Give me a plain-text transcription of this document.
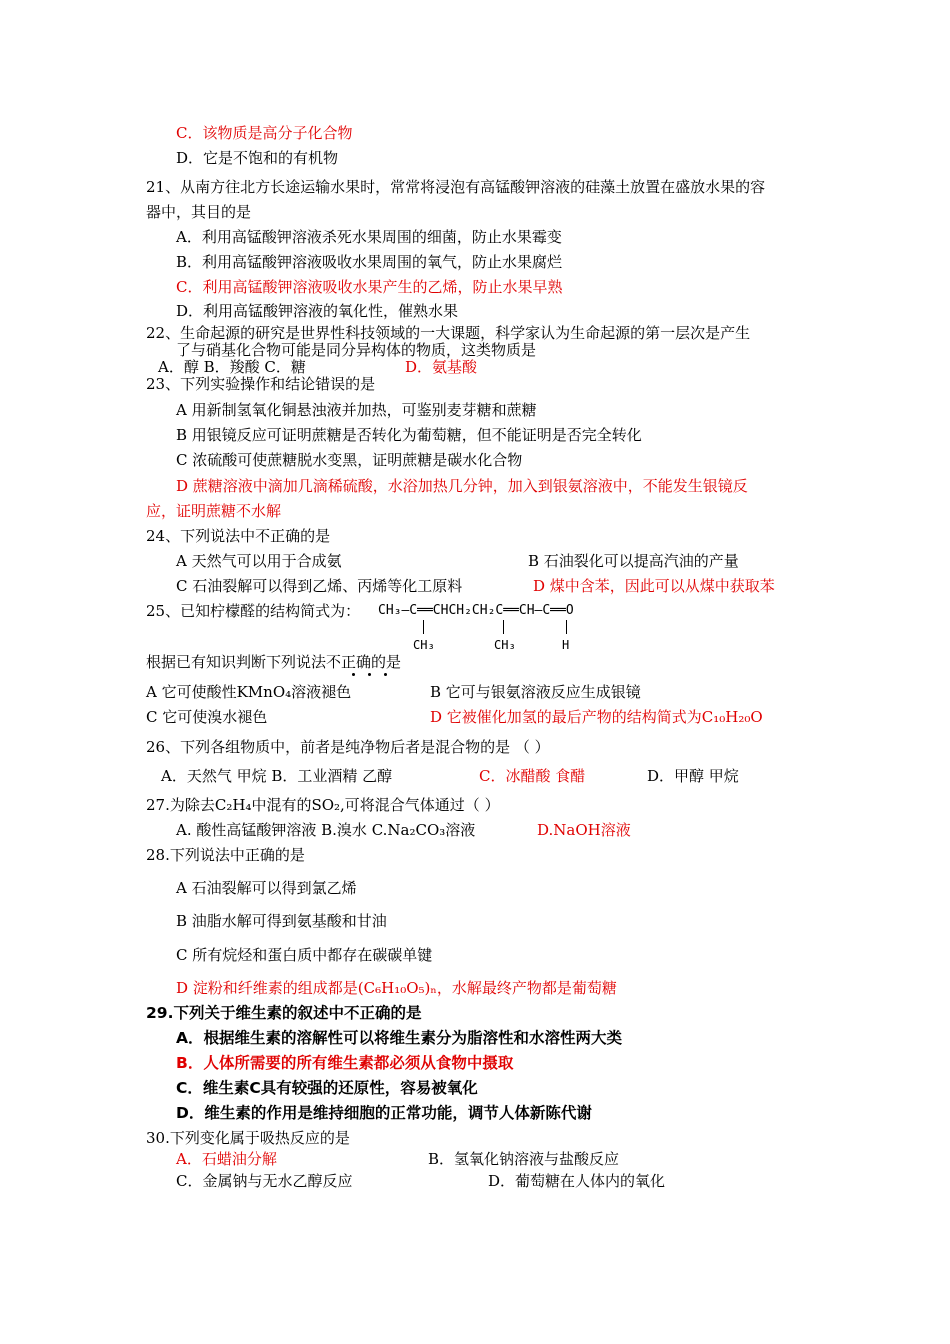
C．该物质是高分子化合物
D．它是不饱和的有机物
21、从南方往北方长途运输水果时，常常将浸泡有高锰酸钾溶液的硅藻土放置在盛放水果的容
器中，其目的是
A．利用高锰酸钾溶液杀死水果周围的细菌，防止水果霉变
B．利用高锰酸钾溶液吸收水果周围的氧气，防止水果腐烂
C．利用高锰酸钾溶液吸收水果产生的乙烯，防止水果早熟
D．利用高锰酸钾溶液的氧化性，催熟水果
22、生命起源的研究是世界性科技领域的一大课题，科学家认为生命起源的第一层次是产生
了与硝基化合物可能是同分异构体的物质，这类物质是
A．醇 B．羧酸 C．糖	D．氨基酸
23、下列实验操作和结论错误的是
A 用新制氢氧化铜悬浊液并加热，可鉴别麦芽糖和蔗糖
B 用银镜反应可证明蔗糖是否转化为葡萄糖，但不能证明是否完全转化
C 浓硫酸可使蔗糖脱水变黑，证明蔗糖是碳水化合物
D 蔗糖溶液中滴加几滴稀硫酸，水浴加热几分钟，加入到银氨溶液中，不能发生银镜反
应，证明蔗糖不水解
24、下列说法中不正确的是
A 天然气可以用于合成氨	B 石油裂化可以提高汽油的产量
C 石油裂解可以得到乙烯、丙烯等化工原料	D 煤中含苯，因此可以从煤中获取苯
25、已知柠檬醛的结构简式为： CH₃—C══CHCH₂CH₂C══CH—C══O
CH₃	CH₃	H
根据已有知识判断下列说法不正确的是
A 它可使酸性KMnO₄溶液褪色	B 它可与银氨溶液反应生成银镜
C 它可使溴水褪色	D 它被催化加氢的最后产物的结构简式为C₁₀H₂₀O
26、下列各组物质中，前者是纯净物后者是混合物的是 （ ）
A．天然气 甲烷 B．工业酒精 乙醇	C．冰醋酸 食醋	D．甲醇 甲烷
27.为除去C₂H₄中混有的SO₂,可将混合气体通过（ ）
A. 酸性高锰酸钾溶液 B.溴水 C.Na₂CO₃溶液	D.NaOH溶液
28.下列说法中正确的是
A 石油裂解可以得到氯乙烯
B 油脂水解可得到氨基酸和甘油
C 所有烷烃和蛋白质中都存在碳碳单键
D 淀粉和纤维素的组成都是(C₆H₁₀O₅)ₙ，水解最终产物都是葡萄糖
29.下列关于维生素的叙述中不正确的是
A．根据维生素的溶解性可以将维生素分为脂溶性和水溶性两大类
B．人体所需要的所有维生素都必须从食物中摄取
C．维生素C具有较强的还原性，容易被氧化
D．维生素的作用是维持细胞的正常功能，调节人体新陈代谢
30.下列变化属于吸热反应的是
A．石蜡油分解	B．氢氧化钠溶液与盐酸反应
C．金属钠与无水乙醇反应	D．葡萄糖在人体内的氧化
